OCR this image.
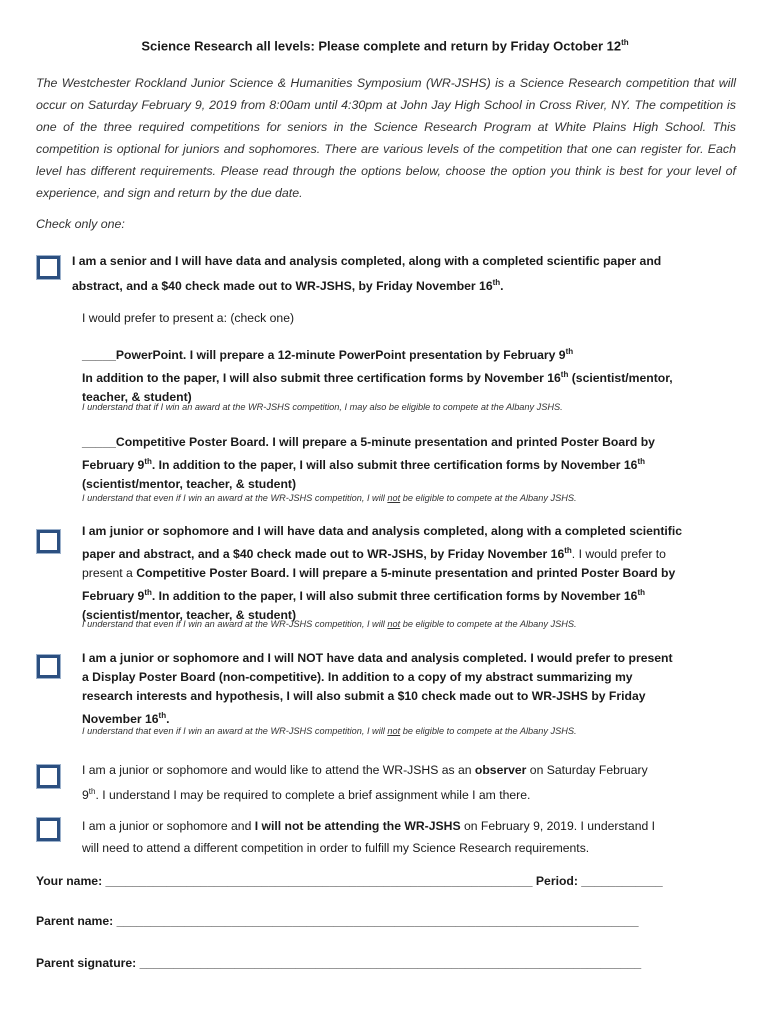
Science Research all levels: Please complete and return by Friday October 12th
The Westchester Rockland Junior Science & Humanities Symposium (WR-JSHS) is a Science Research competition that will occur on Saturday February 9, 2019 from 8:00am until 4:30pm at John Jay High School in Cross River, NY. The competition is one of the three required competitions for seniors in the Science Research Program at White Plains High School. This competition is optional for juniors and sophomores. There are various levels of the competition that one can register for. Each level has different requirements. Please read through the options below, choose the option you think is best for your level of experience, and sign and return by the due date.
Check only one:
I am a senior and I will have data and analysis completed, along with a completed scientific paper and
abstract, and a $40 check made out to WR-JSHS, by Friday November 16th.
I would prefer to present a: (check one)
_____PowerPoint. I will prepare a 12-minute PowerPoint presentation by February 9th
In addition to the paper, I will also submit three certification forms by November 16th (scientist/mentor,
teacher, & student)
I understand that if I win an award at the WR-JSHS competition, I may also be eligible to compete at the Albany JSHS.
_____Competitive Poster Board. I will prepare a 5-minute presentation and printed Poster Board by
February 9th. In addition to the paper, I will also submit three certification forms by November 16th
(scientist/mentor, teacher, & student)
I understand that even if I win an award at the WR-JSHS competition, I will not be eligible to compete at the Albany JSHS.
I am junior or sophomore and I will have data and analysis completed, along with a completed scientific
paper and abstract, and a $40 check made out to WR-JSHS, by Friday November 16th. I would prefer to
present a Competitive Poster Board. I will prepare a 5-minute presentation and printed Poster Board by
February 9th. In addition to the paper, I will also submit three certification forms by November 16th
(scientist/mentor, teacher, & student)
I understand that even if I win an award at the WR-JSHS competition, I will not be eligible to compete at the Albany JSHS.
I am a junior or sophomore and I will NOT have data and analysis completed. I would prefer to present
a Display Poster Board (non-competitive). In addition to a copy of my abstract summarizing my
research interests and hypothesis, I will also submit a $10 check made out to WR-JSHS by Friday
November 16th.
I understand that even if I win an award at the WR-JSHS competition, I will not be eligible to compete at the Albany JSHS.
I am a junior or sophomore and would like to attend the WR-JSHS as an observer on Saturday February
9th. I understand I may be required to complete a brief assignment while I am there.
I am a junior or sophomore and I will not be attending the WR-JSHS on February 9, 2019. I understand I
will need to attend a different competition in order to fulfill my Science Research requirements.
Your name: _______________________________________________________________ Period: ____________
Parent name: _____________________________________________________________________________
Parent signature: __________________________________________________________________________
